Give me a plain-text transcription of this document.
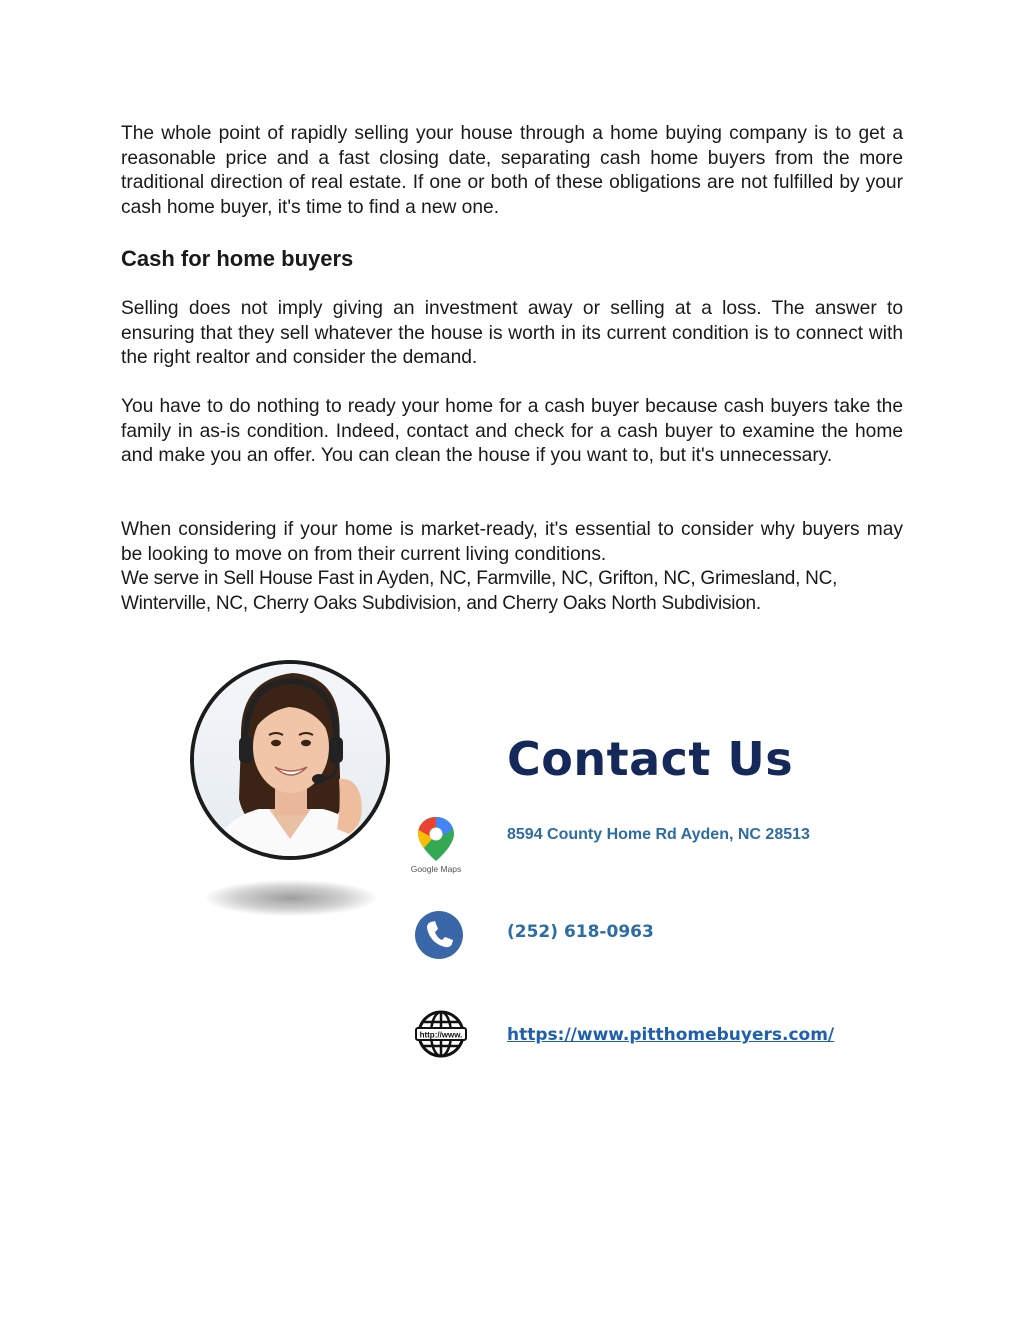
The whole point of rapidly selling your house through a home buying company is to get a reasonable price and a fast closing date, separating cash home buyers from the more traditional direction of real estate. If one or both of these obligations are not fulfilled by your cash home buyer, it's time to find a new one.

Cash for home buyers

Selling does not imply giving an investment away or selling at a loss. The answer to ensuring that they sell whatever the house is worth in its current condition is to connect with the right realtor and consider the demand.

You have to do nothing to ready your home for a cash buyer because cash buyers take the family in as-is condition. Indeed, contact and check for a cash buyer to examine the home and make you an offer. You can clean the house if you want to, but it's unnecessary.

When considering if your home is market-ready, it's essential to consider why buyers may be looking to move on from their current living conditions.

We serve in Sell House Fast in Ayden, NC, Farmville, NC, Grifton, NC, Grimesland, NC, Winterville, NC, Cherry Oaks Subdivision, and Cherry Oaks North Subdivision.

Contact Us
Google Maps

8594 County Home Rd Ayden, NC 28513

(252) 618-0963

http://www.	https://www.pitthomebuyers.com/
